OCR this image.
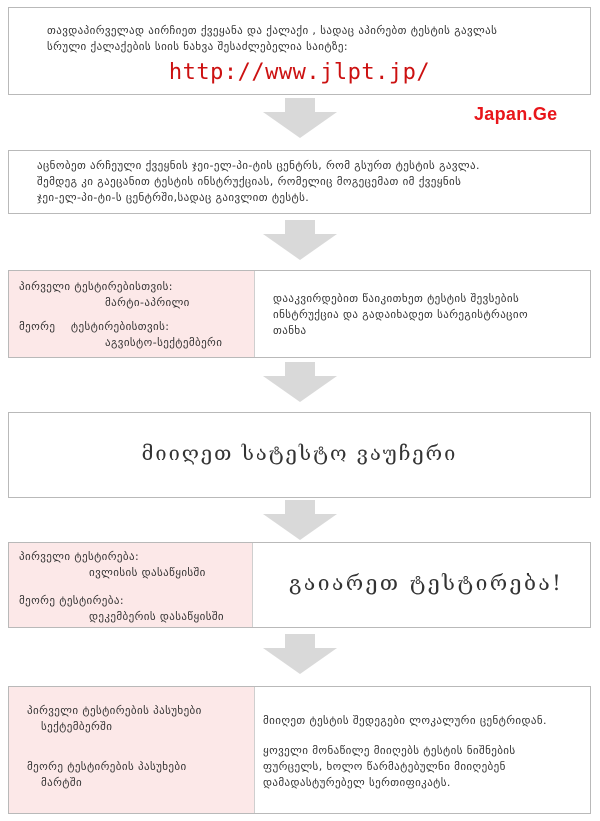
თავდაპირველად აირჩიეთ ქვეყანა და ქალაქი , სადაც აპირებთ ტესტის გავლას
სრული ქალაქების სიის ნახვა შესაძლებელია საიტზე:
http://www.jlpt.jp/
Japan.Ge
აცნობეთ არჩეული ქვეყნის ჯეი-ელ-პი-ტის ცენტრს, რომ გსურთ ტესტის გავლა.
შემდეგ კი გაეცანით ტესტის ინსტრუქციას, რომელიც მოგეცემათ იმ ქვეყნის
ჯეი-ელ-პი-ტი-ს ცენტრში,სადაც გაივლით ტესტს.
პირველი ტესტირებისთვის:
მარტი-აპრილი
მეორე    ტესტირებისთვის:
აგვისტო-სექტემბერი
დააკვირდებით წაიკითხეთ ტესტის შევსების
ინსტრუქცია და გადაიხადეთ სარეგისტრაციო
თანხა
მიიღეთ სატესტო ვაუჩერი
პირველი ტესტირება:
ივლისის დასაწყისში
მეორე ტესტირება:
დეკემბერის დასაწყისში
გაიარეთ ტესტირება!
პირველი ტესტირების პასუხები
სექტემბერში
მეორე ტესტირების პასუხები
მარტში
მიიღეთ ტესტის შედეგები ლოკალური ცენტრიდან.
ყოველი მონაწილე მიიღებს ტესტის ნიშნების
ფურცელს, ხოლო წარმატებულნი მიიღებენ
დამადასტურებელ სერთიფიკატს.
